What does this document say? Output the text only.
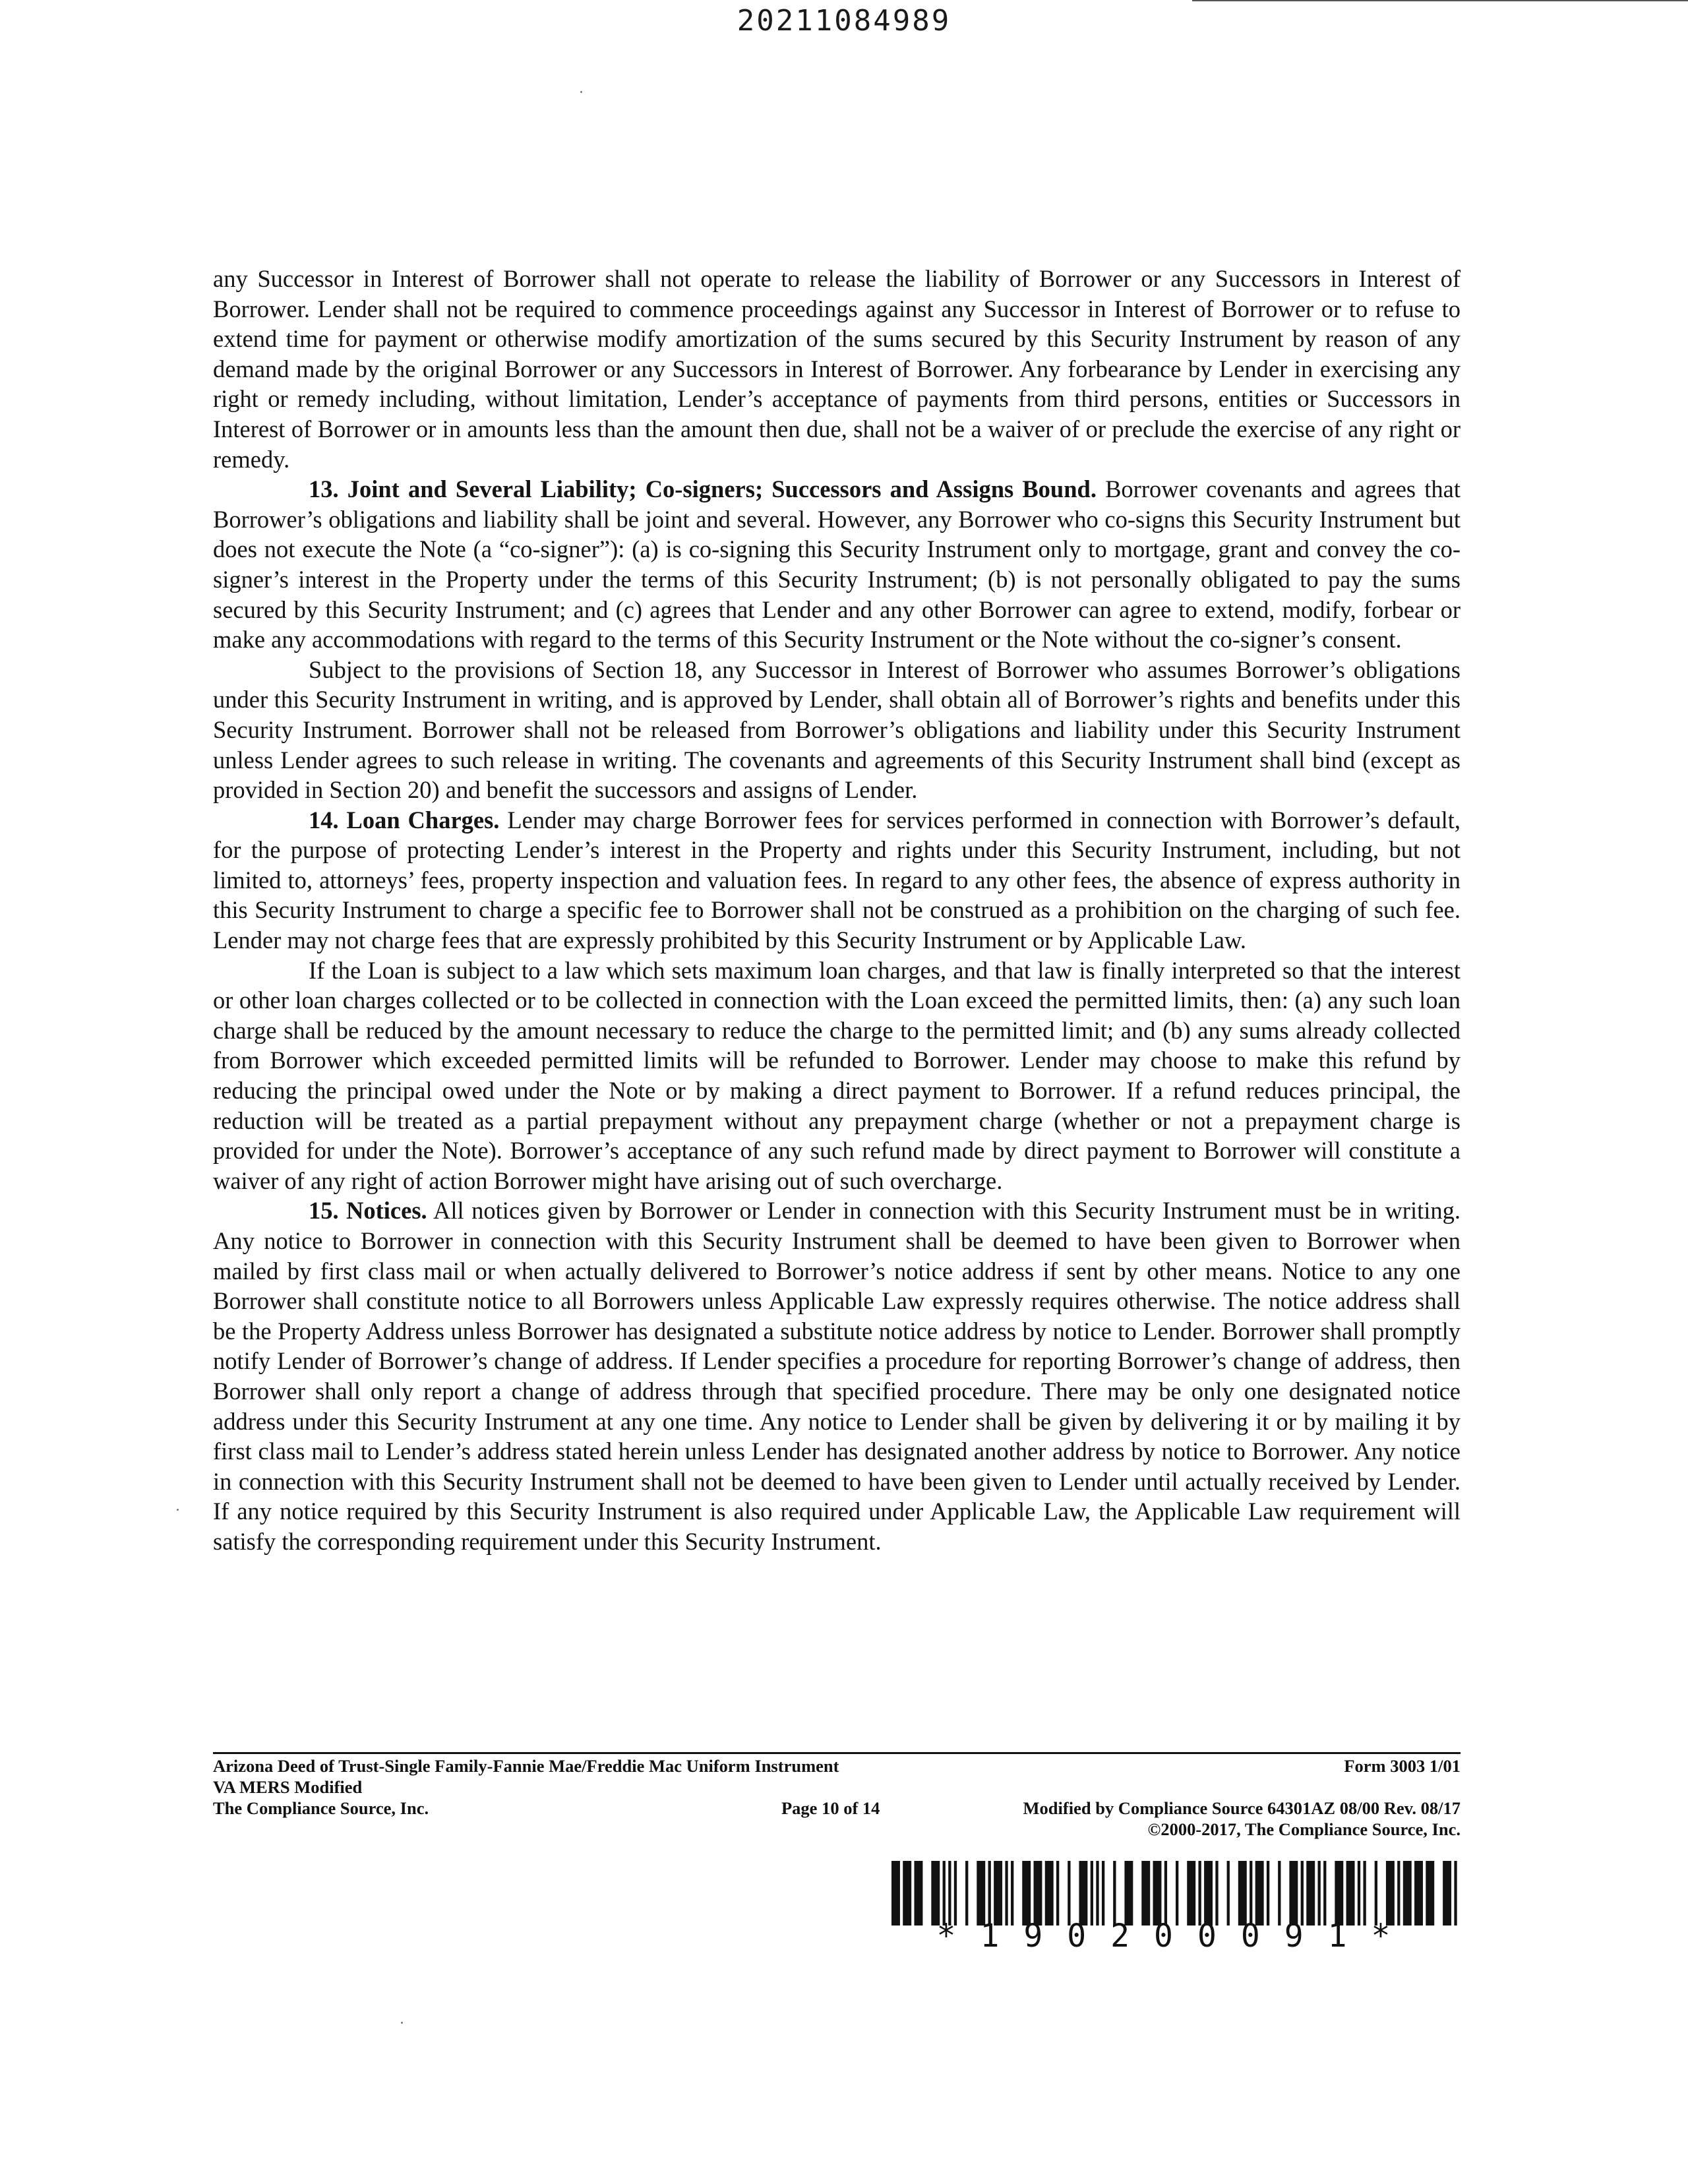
20211084989

any Successor in Interest of Borrower shall not operate to release the liability of Borrower or any Successors in Interest of Borrower. Lender shall not be required to commence proceedings against any Successor in Interest of Borrower or to refuse to extend time for payment or otherwise modify amortization of the sums secured by this Security Instrument by reason of any demand made by the original Borrower or any Successors in Interest of Borrower. Any forbearance by Lender in exercising any right or remedy including, without limitation, Lender’s acceptance of payments from third persons, entities or Successors in Interest of Borrower or in amounts less than the amount then due, shall not be a waiver of or preclude the exercise of any right or remedy.

13. Joint and Several Liability; Co-signers; Successors and Assigns Bound. Borrower covenants and agrees that Borrower’s obligations and liability shall be joint and several. However, any Borrower who co-signs this Security Instrument but does not execute the Note (a “co-signer”): (a) is co-signing this Security Instrument only to mortgage, grant and convey the co-signer’s interest in the Property under the terms of this Security Instrument; (b) is not personally obligated to pay the sums secured by this Security Instrument; and (c) agrees that Lender and any other Borrower can agree to extend, modify, forbear or make any accommodations with regard to the terms of this Security Instrument or the Note without the co-signer’s consent.

Subject to the provisions of Section 18, any Successor in Interest of Borrower who assumes Borrower’s obligations under this Security Instrument in writing, and is approved by Lender, shall obtain all of Borrower’s rights and benefits under this Security Instrument. Borrower shall not be released from Borrower’s obligations and liability under this Security Instrument unless Lender agrees to such release in writing. The covenants and agreements of this Security Instrument shall bind (except as provided in Section 20) and benefit the successors and assigns of Lender.

14. Loan Charges. Lender may charge Borrower fees for services performed in connection with Borrower’s default, for the purpose of protecting Lender’s interest in the Property and rights under this Security Instrument, including, but not limited to, attorneys’ fees, property inspection and valuation fees. In regard to any other fees, the absence of express authority in this Security Instrument to charge a specific fee to Borrower shall not be construed as a prohibition on the charging of such fee. Lender may not charge fees that are expressly prohibited by this Security Instrument or by Applicable Law.

If the Loan is subject to a law which sets maximum loan charges, and that law is finally interpreted so that the interest or other loan charges collected or to be collected in connection with the Loan exceed the permitted limits, then: (a) any such loan charge shall be reduced by the amount necessary to reduce the charge to the permitted limit; and (b) any sums already collected from Borrower which exceeded permitted limits will be refunded to Borrower. Lender may choose to make this refund by reducing the principal owed under the Note or by making a direct payment to Borrower. If a refund reduces principal, the reduction will be treated as a partial prepayment without any prepayment charge (whether or not a prepayment charge is provided for under the Note). Borrower’s acceptance of any such refund made by direct payment to Borrower will constitute a waiver of any right of action Borrower might have arising out of such overcharge.

15. Notices. All notices given by Borrower or Lender in connection with this Security Instrument must be in writing. Any notice to Borrower in connection with this Security Instrument shall be deemed to have been given to Borrower when mailed by first class mail or when actually delivered to Borrower’s notice address if sent by other means. Notice to any one Borrower shall constitute notice to all Borrowers unless Applicable Law expressly requires otherwise. The notice address shall be the Property Address unless Borrower has designated a substitute notice address by notice to Lender. Borrower shall promptly notify Lender of Borrower’s change of address. If Lender specifies a procedure for reporting Borrower’s change of address, then Borrower shall only report a change of address through that specified procedure. There may be only one designated notice address under this Security Instrument at any one time. Any notice to Lender shall be given by delivering it or by mailing it by first class mail to Lender’s address stated herein unless Lender has designated another address by notice to Borrower. Any notice in connection with this Security Instrument shall not be deemed to have been given to Lender until actually received by Lender. If any notice required by this Security Instrument is also required under Applicable Law, the Applicable Law requirement will satisfy the corresponding requirement under this Security Instrument.

Arizona Deed of Trust-Single Family-Fannie Mae/Freddie Mac Uniform Instrument	Form 3003 1/01
VA MERS Modified
The Compliance Source, Inc.	Page 10 of 14	Modified by Compliance Source 64301AZ 08/00 Rev. 08/17
©2000-2017, The Compliance Source, Inc.
*190200091*
